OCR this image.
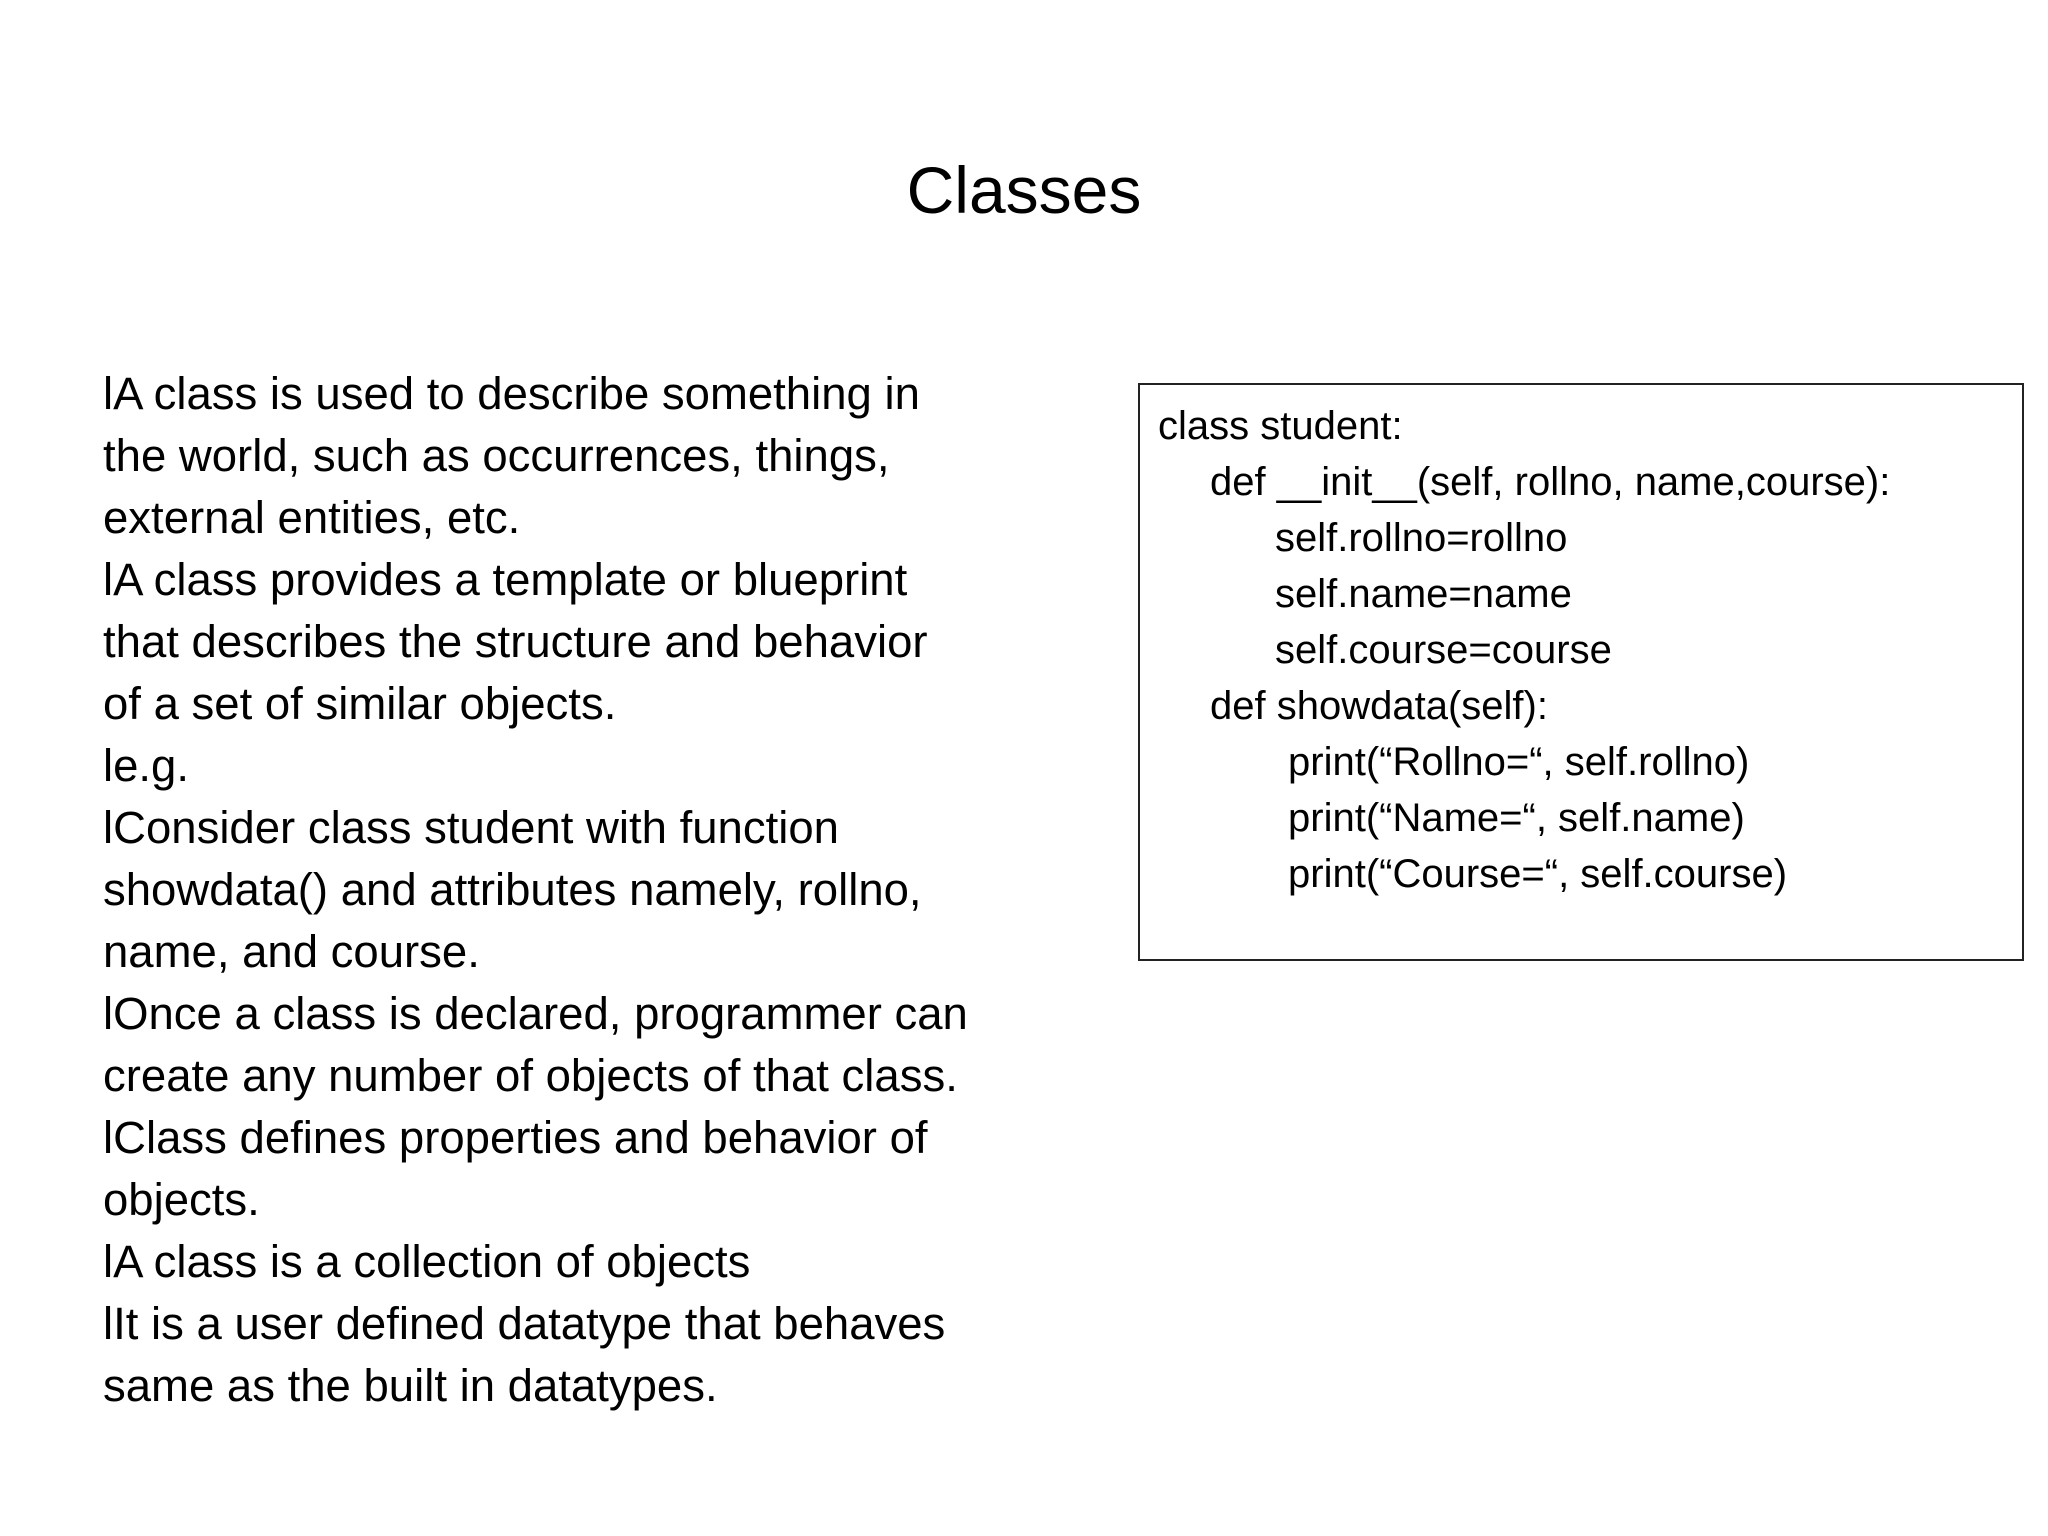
Classes
lA class is used to describe something in
the world, such as occurrences, things,
external entities, etc.
lA class provides a template or blueprint
that describes the structure and behavior
of a set of similar objects.
le.g.
lConsider class student with function
showdata() and attributes namely, rollno,
name, and course.
lOnce a class is declared, programmer can
create any number of objects of that class.
lClass defines properties and behavior of
objects.
lA class is a collection of objects
lIt is a user defined datatype that behaves
same as the built in datatypes.
class student:
def __init__(self, rollno, name,course):
self.rollno=rollno
self.name=name
self.course=course
def showdata(self):
print(“Rollno=“, self.rollno)
print(“Name=“, self.name)
print(“Course=“, self.course)
